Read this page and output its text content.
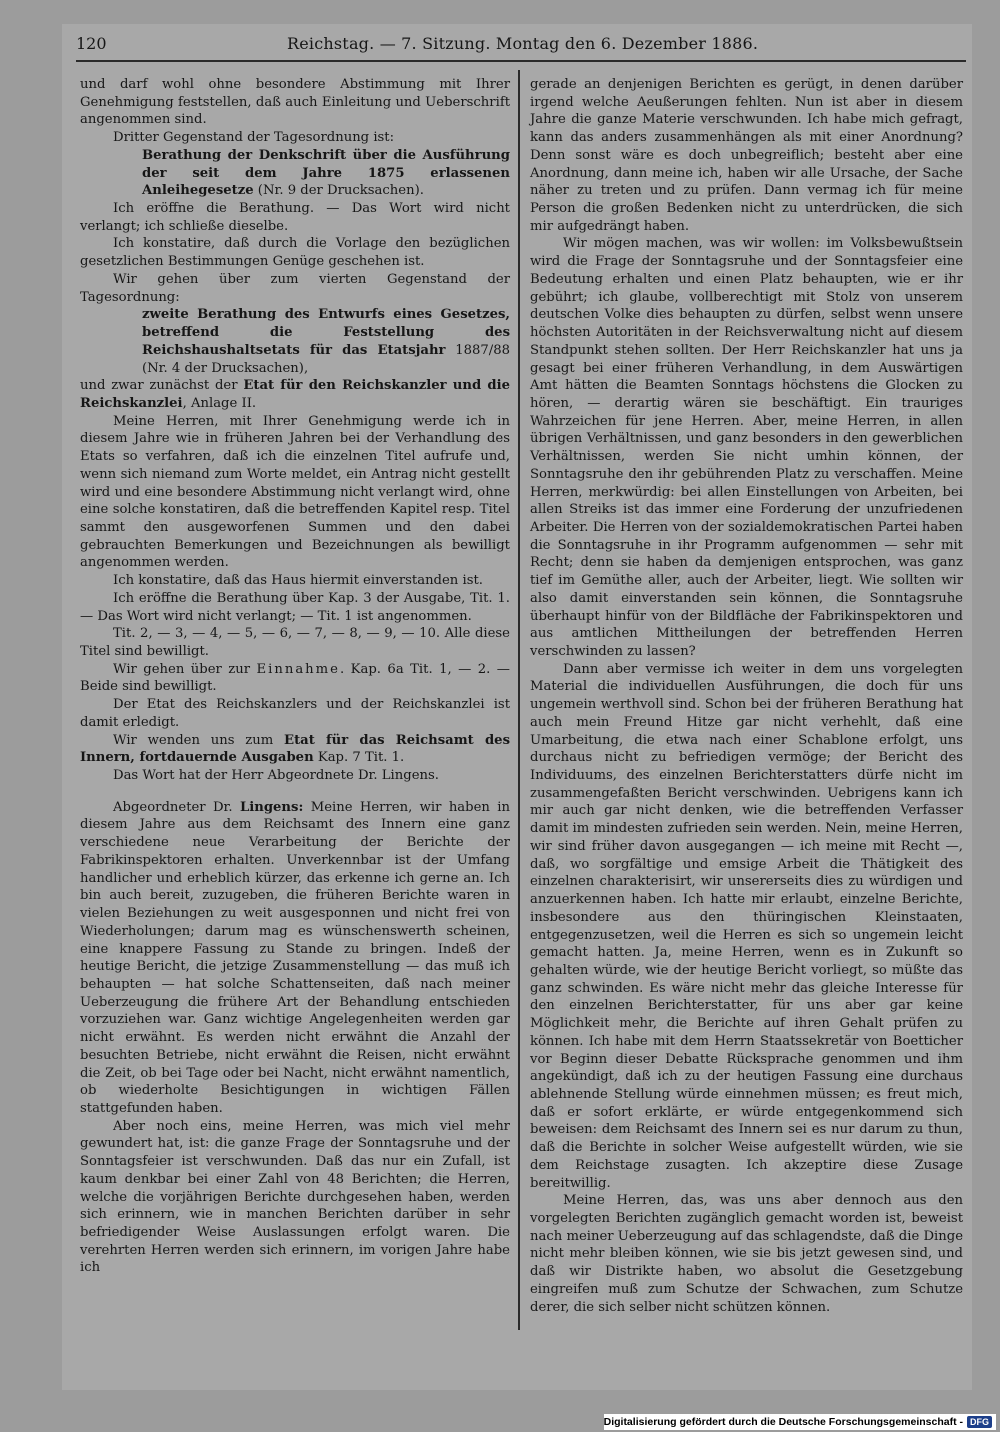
120	Reichstag. — 7. Sitzung. Montag den 6. Dezember 1886.

und darf wohl ohne besondere Abstimmung mit Ihrer Genehmigung feststellen, daß auch Einleitung und Ueberschrift angenommen sind.

Dritter Gegenstand der Tagesordnung ist:

Berathung der Denkschrift über die Ausführung der seit dem Jahre 1875 erlassenen Anleihegesetze (Nr. 9 der Drucksachen).

Ich eröffne die Berathung. — Das Wort wird nicht verlangt; ich schließe dieselbe.

Ich konstatire, daß durch die Vorlage den bezüglichen gesetzlichen Bestimmungen Genüge geschehen ist.

Wir gehen über zum vierten Gegenstand der Tagesordnung:

zweite Berathung des Entwurfs eines Gesetzes, betreffend die Feststellung des Reichshaushaltsetats für das Etatsjahr 1887/88 (Nr. 4 der Drucksachen),

und zwar zunächst der Etat für den Reichskanzler und die Reichskanzlei, Anlage II.

Meine Herren, mit Ihrer Genehmigung werde ich in diesem Jahre wie in früheren Jahren bei der Verhandlung des Etats so verfahren, daß ich die einzelnen Titel aufrufe und, wenn sich niemand zum Worte meldet, ein Antrag nicht gestellt wird und eine besondere Abstimmung nicht verlangt wird, ohne eine solche konstatiren, daß die betreffenden Kapitel resp. Titel sammt den ausgeworfenen Summen und den dabei gebrauchten Bemerkungen und Bezeichnungen als bewilligt angenommen werden.

Ich konstatire, daß das Haus hiermit einverstanden ist.

Ich eröffne die Berathung über Kap. 3 der Ausgabe, Tit. 1. — Das Wort wird nicht verlangt; — Tit. 1 ist angenommen.

Tit. 2, — 3, — 4, — 5, — 6, — 7, — 8, — 9, — 10. Alle diese Titel sind bewilligt.

Wir gehen über zur Einnahme. Kap. 6a Tit. 1, — 2. — Beide sind bewilligt.

Der Etat des Reichskanzlers und der Reichskanzlei ist damit erledigt.

Wir wenden uns zum Etat für das Reichsamt des Innern, fortdauernde Ausgaben Kap. 7 Tit. 1.

Das Wort hat der Herr Abgeordnete Dr. Lingens.

Abgeordneter Dr. Lingens: Meine Herren, wir haben in diesem Jahre aus dem Reichsamt des Innern eine ganz verschiedene neue Verarbeitung der Berichte der Fabrikinspektoren erhalten. Unverkennbar ist der Umfang handlicher und erheblich kürzer, das erkenne ich gerne an. Ich bin auch bereit, zuzugeben, die früheren Berichte waren in vielen Beziehungen zu weit ausgesponnen und nicht frei von Wiederholungen; darum mag es wünschenswerth scheinen, eine knappere Fassung zu Stande zu bringen. Indeß der heutige Bericht, die jetzige Zusammenstellung — das muß ich behaupten — hat solche Schattenseiten, daß nach meiner Ueberzeugung die frühere Art der Behandlung entschieden vorzuziehen war. Ganz wichtige Angelegenheiten werden gar nicht erwähnt. Es werden nicht erwähnt die Anzahl der besuchten Betriebe, nicht erwähnt die Reisen, nicht erwähnt die Zeit, ob bei Tage oder bei Nacht, nicht erwähnt namentlich, ob wiederholte Besichtigungen in wichtigen Fällen stattgefunden haben.

Aber noch eins, meine Herren, was mich viel mehr gewundert hat, ist: die ganze Frage der Sonntagsruhe und der Sonntagsfeier ist verschwunden. Daß das nur ein Zufall, ist kaum denkbar bei einer Zahl von 48 Berichten; die Herren, welche die vorjährigen Berichte durchgesehen haben, werden sich erinnern, wie in manchen Berichten darüber in sehr befriedigender Weise Auslassungen erfolgt waren. Die verehrten Herren werden sich erinnern, im vorigen Jahre habe ich

gerade an denjenigen Berichten es gerügt, in denen darüber irgend welche Aeußerungen fehlten. Nun ist aber in diesem Jahre die ganze Materie verschwunden. Ich habe mich gefragt, kann das anders zusammenhängen als mit einer Anordnung? Denn sonst wäre es doch unbegreiflich; besteht aber eine Anordnung, dann meine ich, haben wir alle Ursache, der Sache näher zu treten und zu prüfen. Dann vermag ich für meine Person die großen Bedenken nicht zu unterdrücken, die sich mir aufgedrängt haben.

Wir mögen machen, was wir wollen: im Volksbewußtsein wird die Frage der Sonntagsruhe und der Sonntagsfeier eine Bedeutung erhalten und einen Platz behaupten, wie er ihr gebührt; ich glaube, vollberechtigt mit Stolz von unserem deutschen Volke dies behaupten zu dürfen, selbst wenn unsere höchsten Autoritäten in der Reichsverwaltung nicht auf diesem Standpunkt stehen sollten. Der Herr Reichskanzler hat uns ja gesagt bei einer früheren Verhandlung, in dem Auswärtigen Amt hätten die Beamten Sonntags höchstens die Glocken zu hören, — derartig wären sie beschäftigt. Ein trauriges Wahrzeichen für jene Herren. Aber, meine Herren, in allen übrigen Verhältnissen, und ganz besonders in den gewerblichen Verhältnissen, werden Sie nicht umhin können, der Sonntagsruhe den ihr gebührenden Platz zu verschaffen. Meine Herren, merkwürdig: bei allen Einstellungen von Arbeiten, bei allen Streiks ist das immer eine Forderung der unzufriedenen Arbeiter. Die Herren von der sozialdemokratischen Partei haben die Sonntagsruhe in ihr Programm aufgenommen — sehr mit Recht; denn sie haben da demjenigen entsprochen, was ganz tief im Gemüthe aller, auch der Arbeiter, liegt. Wie sollten wir also damit einverstanden sein können, die Sonntagsruhe überhaupt hinfür von der Bildfläche der Fabrikinspektoren und aus amtlichen Mittheilungen der betreffenden Herren verschwinden zu lassen?

Dann aber vermisse ich weiter in dem uns vorgelegten Material die individuellen Ausführungen, die doch für uns ungemein werthvoll sind. Schon bei der früheren Berathung hat auch mein Freund Hitze gar nicht verhehlt, daß eine Umarbeitung, die etwa nach einer Schablone erfolgt, uns durchaus nicht zu befriedigen vermöge; der Bericht des Individuums, des einzelnen Berichterstatters dürfe nicht im zusammengefaßten Bericht verschwinden. Uebrigens kann ich mir auch gar nicht denken, wie die betreffenden Verfasser damit im mindesten zufrieden sein werden. Nein, meine Herren, wir sind früher davon ausgegangen — ich meine mit Recht —, daß, wo sorgfältige und emsige Arbeit die Thätigkeit des einzelnen charakterisirt, wir unsererseits dies zu würdigen und anzuerkennen haben. Ich hatte mir erlaubt, einzelne Berichte, insbesondere aus den thüringischen Kleinstaaten, entgegenzusetzen, weil die Herren es sich so ungemein leicht gemacht hatten. Ja, meine Herren, wenn es in Zukunft so gehalten würde, wie der heutige Bericht vorliegt, so müßte das ganz schwinden. Es wäre nicht mehr das gleiche Interesse für den einzelnen Berichterstatter, für uns aber gar keine Möglichkeit mehr, die Berichte auf ihren Gehalt prüfen zu können. Ich habe mit dem Herrn Staatssekretär von Boetticher vor Beginn dieser Debatte Rücksprache genommen und ihm angekündigt, daß ich zu der heutigen Fassung eine durchaus ablehnende Stellung würde einnehmen müssen; es freut mich, daß er sofort erklärte, er würde entgegenkommend sich beweisen: dem Reichsamt des Innern sei es nur darum zu thun, daß die Berichte in solcher Weise aufgestellt würden, wie sie dem Reichstage zusagten. Ich akzeptire diese Zusage bereitwillig.

Meine Herren, das, was uns aber dennoch aus den vorgelegten Berichten zugänglich gemacht worden ist, beweist nach meiner Ueberzeugung auf das schlagendste, daß die Dinge nicht mehr bleiben können, wie sie bis jetzt gewesen sind, und daß wir Distrikte haben, wo absolut die Gesetzgebung eingreifen muß zum Schutze der Schwachen, zum Schutze derer, die sich selber nicht schützen können.

Digitalisierung gefördert durch die Deutsche Forschungsgemeinschaft - DFG
